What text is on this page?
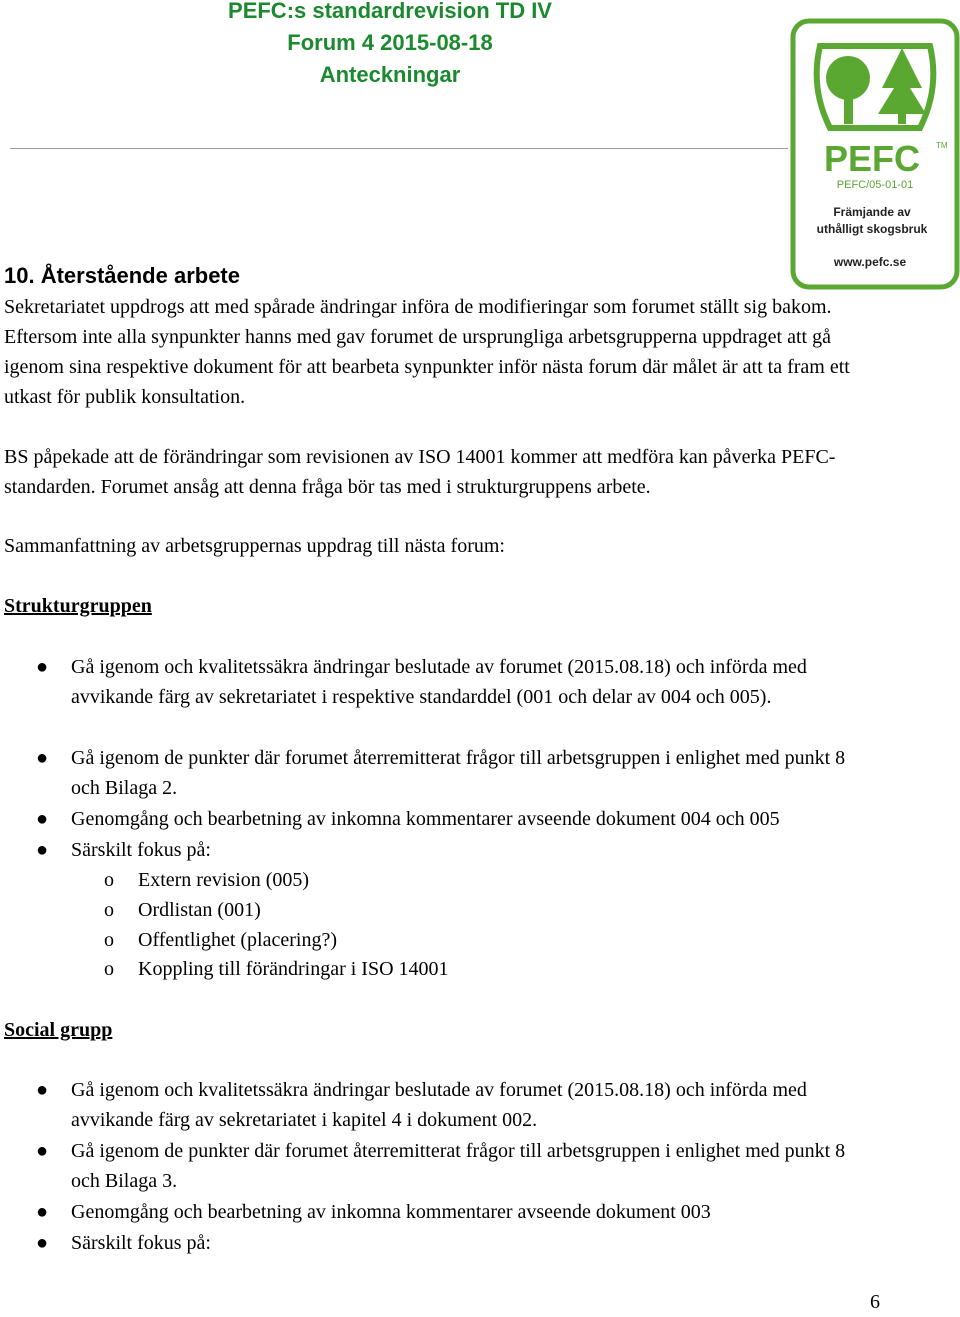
PEFC:s standardrevision TD IV
Forum 4 2015-08-18
Anteckningar
PEFC TM
PEFC/05-01-01
Främjande av
uthålligt skogsbruk
www.pefc.se
10. Återstående arbete
Sekretariatet uppdrogs att med spårade ändringar införa de modifieringar som forumet ställt sig bakom. Eftersom inte alla synpunkter hanns med gav forumet de ursprungliga arbetsgrupperna uppdraget att gå igenom sina respektive dokument för att bearbeta synpunkter inför nästa forum där målet är att ta fram ett utkast för publik konsultation.
BS påpekade att de förändringar som revisionen av ISO 14001 kommer att medföra kan påverka PEFC-standarden. Forumet ansåg att denna fråga bör tas med i strukturgruppens arbete.
Sammanfattning av arbetsgruppernas uppdrag till nästa forum:
Strukturgruppen
● Gå igenom och kvalitetssäkra ändringar beslutade av forumet (2015.08.18) och införda med avvikande färg av sekretariatet i respektive standarddel (001 och delar av 004 och 005).
● Gå igenom de punkter där forumet återremitterat frågor till arbetsgruppen i enlighet med punkt 8 och Bilaga 2.
● Genomgång och bearbetning av inkomna kommentarer avseende dokument 004 och 005
● Särskilt fokus på:
o Extern revision (005)
o Ordlistan (001)
o Offentlighet (placering?)
o Koppling till förändringar i ISO 14001
Social grupp
● Gå igenom och kvalitetssäkra ändringar beslutade av forumet (2015.08.18) och införda med avvikande färg av sekretariatet i kapitel 4 i dokument 002.
● Gå igenom de punkter där forumet återremitterat frågor till arbetsgruppen i enlighet med punkt 8 och Bilaga 3.
● Genomgång och bearbetning av inkomna kommentarer avseende dokument 003
● Särskilt fokus på:
6
